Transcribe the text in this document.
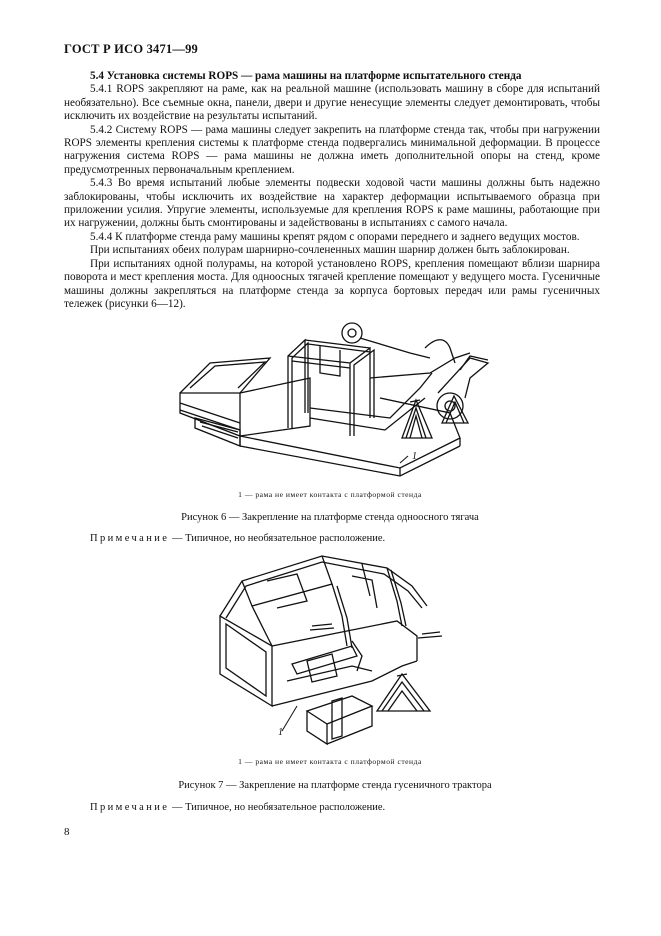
ГОСТ Р ИСО 3471—99

5.4 Установка системы ROPS — рама машины на платформе испытательного стенда

5.4.1 ROPS закрепляют на раме, как на реальной машине (использовать машину в сборе для испытаний необязательно). Все съемные окна, панели, двери и другие ненесущие элементы следует демонтировать, чтобы исключить их воздействие на результаты испытаний.

5.4.2 Систему ROPS — рама машины следует закрепить на платформе стенда так, чтобы при нагружении ROPS элементы крепления системы к платформе стенда подвергались минимальной деформации. В процессе нагружения система ROPS — рама машины не должна иметь дополнительной опоры на стенд, кроме предусмотренных первоначальным креплением.

5.4.3 Во время испытаний любые элементы подвески ходовой части машины должны быть надежно заблокированы, чтобы исключить их воздействие на характер деформации испытываемого образца при приложении усилия. Упругие элементы, используемые для крепления ROPS к раме машины, работающие при их нагружении, должны быть смонтированы и задействованы в испытаниях с самого начала.

5.4.4 К платформе стенда раму машины крепят рядом с опорами переднего и заднего ведущих мостов.

При испытаниях обеих полурам шарнирно-сочлененных машин шарнир должен быть заблокирован.

При испытаниях одной полурамы, на которой установлено ROPS, крепления помещают вблизи шарнира поворота и мест крепления моста. Для одноосных тягачей крепление помещают у ведущего моста. Гусеничные машины должны закрепляться на платформе стенда за корпуса бортовых передач или рамы гусеничных тележек (рисунки 6—12).

1
1 — рама не имеет контакта с платформой стенда
Рисунок 6 — Закрепление на платформе стенда одноосного тягача
Примечание — Типичное, но необязательное расположение.
1
1 — рама не имеет контакта с платформой стенда
Рисунок 7 — Закрепление на платформе стенда гусеничного трактора
Примечание — Типичное, но необязательное расположение.
8
